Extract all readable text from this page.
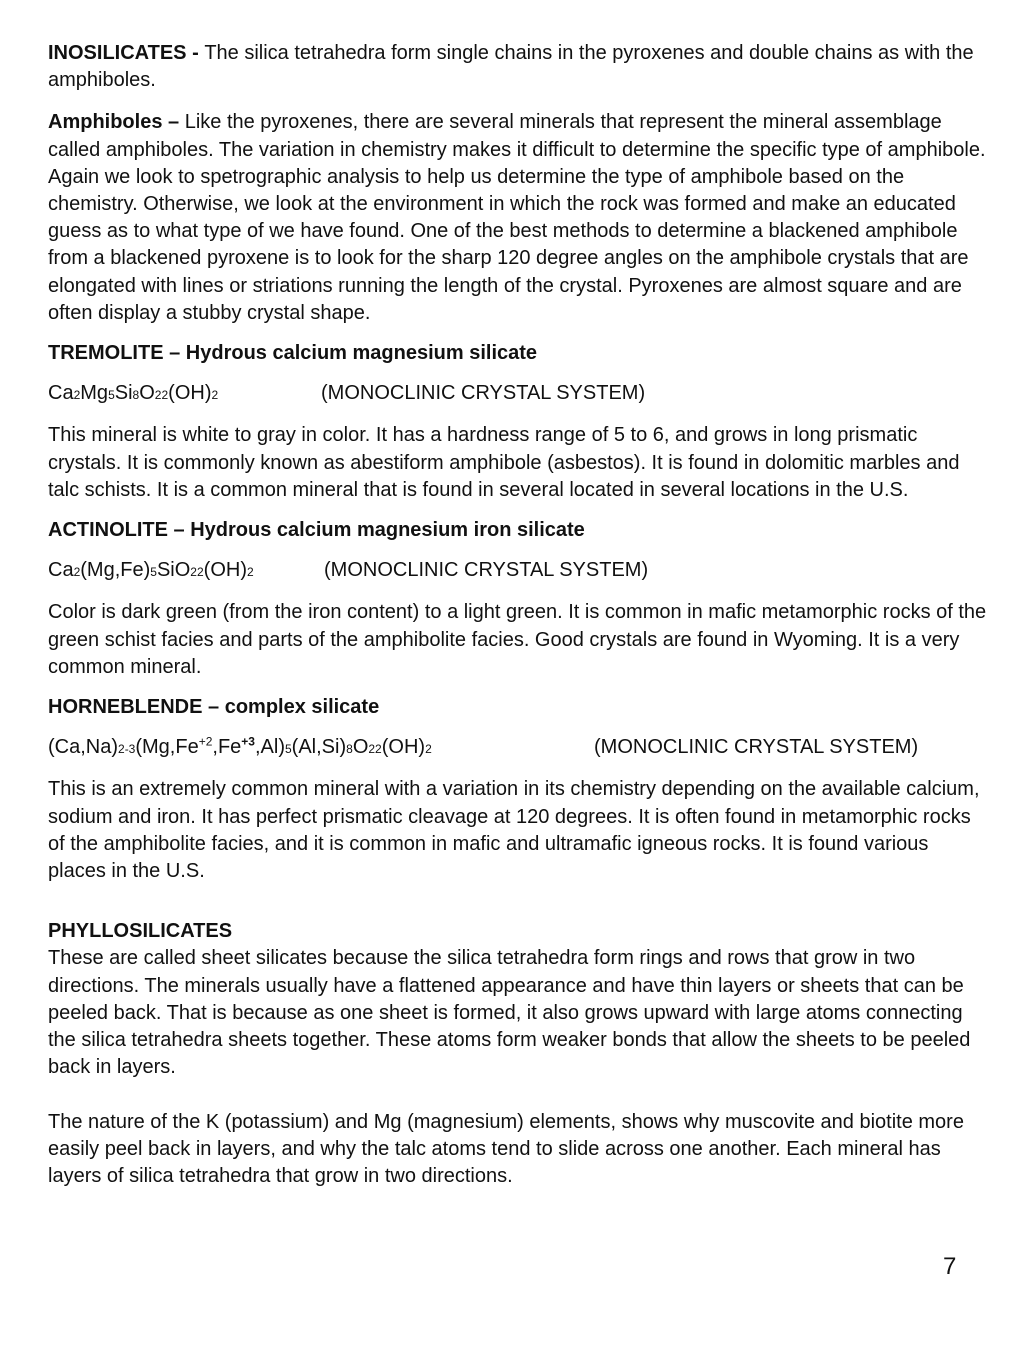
INOSILICATES - The silica tetrahedra form single chains in the pyroxenes and double chains as with the amphiboles.

Amphiboles – Like the pyroxenes, there are several minerals that represent the mineral assemblage called amphiboles. The variation in chemistry makes it difficult to determine the specific type of amphibole. Again we look to spetrographic analysis to help us determine the type of amphibole based on the chemistry. Otherwise, we look at the environment in which the rock was formed and make an educated guess as to what type of we have found. One of the best methods to determine a blackened amphibole from a blackened pyroxene is to look for the sharp 120 degree angles on the amphibole crystals that are elongated with lines or striations running the length of the crystal. Pyroxenes are almost square and are often display a stubby crystal shape.

TREMOLITE – Hydrous calcium magnesium silicate

Ca2Mg5Si8O22(OH)2	(MONOCLINIC CRYSTAL SYSTEM)

This mineral is white to gray in color. It has a hardness range of 5 to 6, and grows in long prismatic crystals. It is commonly known as abestiform amphibole (asbestos). It is found in dolomitic marbles and talc schists. It is a common mineral that is found in several located in several locations in the U.S.

ACTINOLITE – Hydrous calcium magnesium iron silicate

Ca2(Mg,Fe)5SiO22(OH)2	(MONOCLINIC CRYSTAL SYSTEM)

Color is dark green (from the iron content) to a light green. It is common in mafic metamorphic rocks of the green schist facies and parts of the amphibolite facies. Good crystals are found in Wyoming. It is a very common mineral.

HORNEBLENDE – complex silicate

$(Ca,Na)2-3(Mg,Fe^{+2},Fe^{+3},Al)5(Al,Si)8O22(OH)2$	(MONOCLINIC CRYSTAL SYSTEM)

This is an extremely common mineral with a variation in its chemistry depending on the available calcium, sodium and iron. It has perfect prismatic cleavage at 120 degrees. It is often found in metamorphic rocks of the amphibolite facies, and it is common in mafic and ultramafic igneous rocks. It is found various places in the U.S.

PHYLLOSILICATES

These are called sheet silicates because the silica tetrahedra form rings and rows that grow in two directions. The minerals usually have a flattened appearance and have thin layers or sheets that can be peeled back. That is because as one sheet is formed, it also grows upward with large atoms connecting the silica tetrahedra sheets together. These atoms form weaker bonds that allow the sheets to be peeled back in layers.

The nature of the K (potassium) and Mg (magnesium) elements, shows why muscovite and biotite more easily peel back in layers, and why the talc atoms tend to slide across one another. Each mineral has layers of silica tetrahedra that grow in two directions.

7
